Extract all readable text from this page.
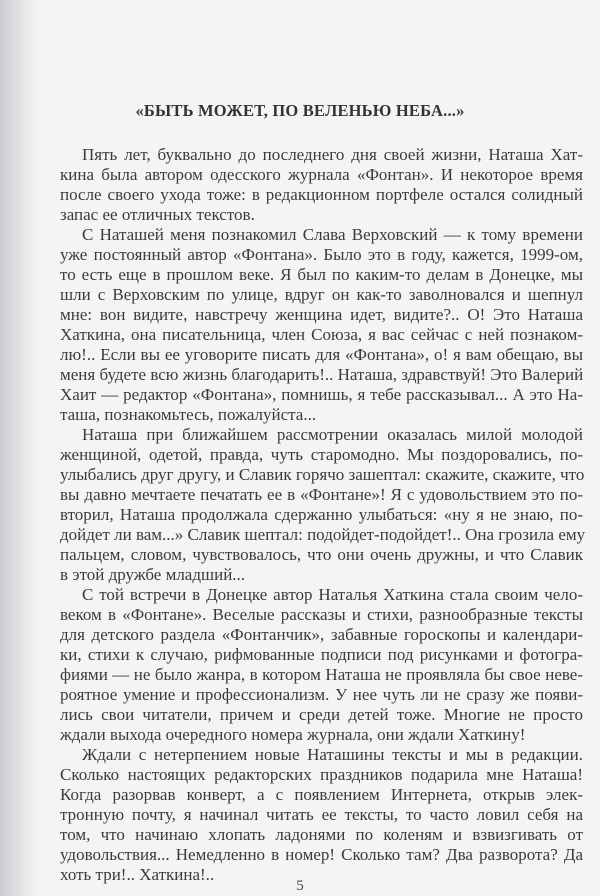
«БЫТЬ МОЖЕТ, ПО ВЕЛЕНЬЮ НЕБА...»
Пять лет, буквально до последнего дня своей жизни, Наташа Хат-
кина была автором одесского журнала «Фонтан». И некоторое время
после своего ухода тоже: в редакционном портфеле остался солидный
запас ее отличных текстов.
С Наташей меня познакомил Слава Верховский — к тому времени
уже постоянный автор «Фонтана». Было это в году, кажется, 1999-ом,
то есть еще в прошлом веке. Я был по каким-то делам в Донецке, мы
шли с Верховским по улице, вдруг он как-то заволновался и шепнул
мне: вон видите, навстречу женщина идет, видите?.. О! Это Наташа
Хаткина, она писательница, член Союза, я вас сейчас с ней познаком-
лю!.. Если вы ее уговорите писать для «Фонтана», о! я вам обещаю, вы
меня будете всю жизнь благодарить!.. Наташа, здравствуй! Это Валерий
Хаит — редактор «Фонтана», помнишь, я тебе рассказывал... А это На-
таша, познакомьтесь, пожалуйста...
Наташа при ближайшем рассмотрении оказалась милой молодой
женщиной, одетой, правда, чуть старомодно. Мы поздоровались, по-
улыбались друг другу, и Славик горячо зашептал: скажите, скажите, что
вы давно мечтаете печатать ее в «Фонтане»! Я с удовольствием это по-
вторил, Наташа продолжала сдержанно улыбаться: «ну я не знаю, по-
дойдет ли вам...» Славик шептал: подойдет-подойдет!.. Она грозила ему
пальцем, словом, чувствовалось, что они очень дружны, и что Славик
в этой дружбе младший...
С той встречи в Донецке автор Наталья Хаткина стала своим чело-
веком в «Фонтане». Веселые рассказы и стихи, разнообразные тексты
для детского раздела «Фонтанчик», забавные гороскопы и календари-
ки, стихи к случаю, рифмованные подписи под рисунками и фотогра-
фиями — не было жанра, в котором Наташа не проявляла бы свое неве-
роятное умение и профессионализм. У нее чуть ли не сразу же появи-
лись свои читатели, причем и среди детей тоже. Многие не просто
ждали выхода очередного номера журнала, они ждали Хаткину!
Ждали с нетерпением новые Наташины тексты и мы в редакции.
Сколько настоящих редакторских праздников подарила мне Наташа!
Когда разорвав конверт, а с появлением Интернета, открыв элек-
тронную почту, я начинал читать ее тексты, то часто ловил себя на
том, что начинаю хлопать ладонями по коленям и взвизгивать от
удовольствия... Немедленно в номер! Сколько там? Два разворота? Да
хоть три!.. Хаткина!..
5
